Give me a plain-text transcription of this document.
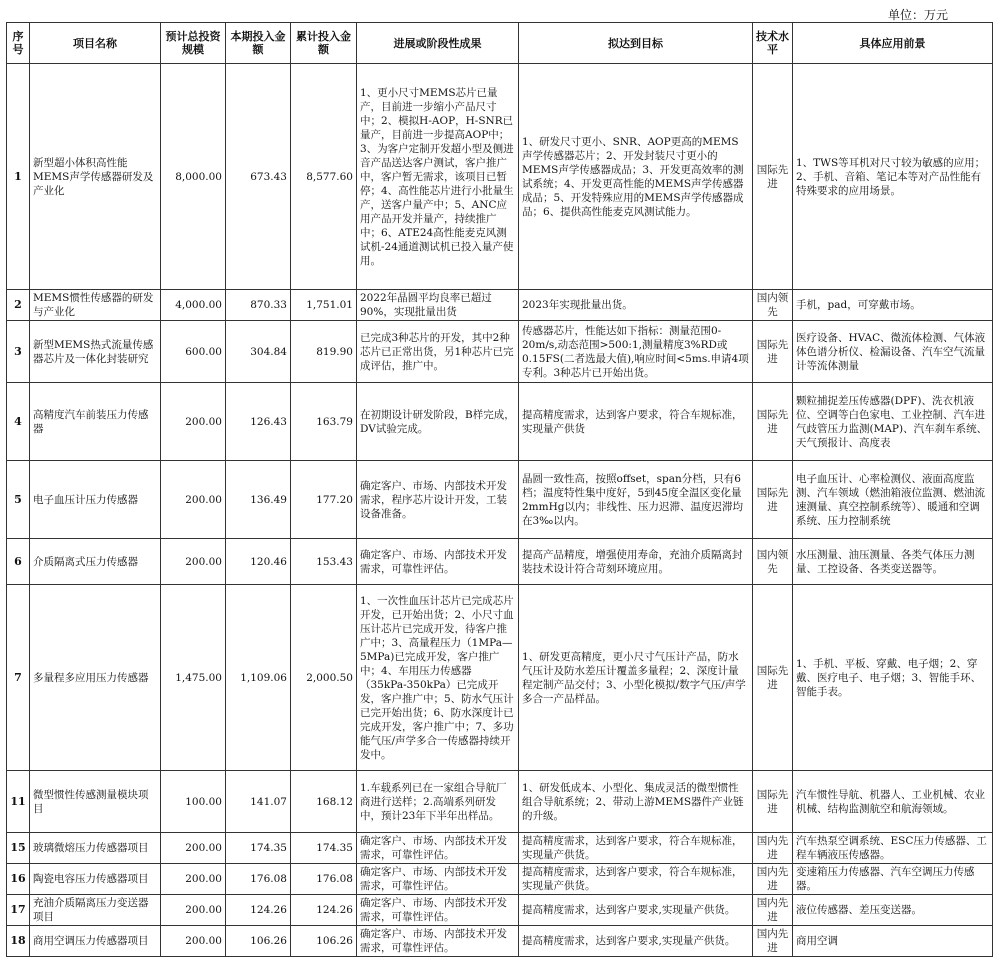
单位：万元
序号	项目名称	预计总投资规模	本期投入金额	累计投入金额	进展或阶段性成果	拟达到目标	技术水平	具体应用前景
1	新型超小体积高性能MEMS声学传感器研发及产业化	8,000.00	673.43	8,577.60	1、更小尺寸MEMS芯片已量产，目前进一步缩小产品尺寸中；2、模拟H-AOP，H-SNR已量产，目前进一步提高AOP中；3、为客户定制开发超小型及侧进音产品送达客户测试，客户推广中，客户暂无需求，该项目已暂停；4、高性能芯片进行小批量生产，送客户量产中；5、ANC应用产品开发并量产，持续推广中；6、ATE24高性能麦克风测试机-24通道测试机已投入量产使用。	1、研发尺寸更小、SNR、AOP更高的MEMS声学传感器芯片；2、开发封装尺寸更小的MEMS声学传感器成品；3、开发更高效率的测试系统；4、开发更高性能的MEMS声学传感器成品；5、开发特殊应用的MEMS声学传感器成品；6、提供高性能麦克风测试能力。	国际先进	1、TWS等耳机对尺寸较为敏感的应用；2、手机、音箱、笔记本等对产品性能有特殊要求的应用场景。
2	MEMS惯性传感器的研发与产业化	4,000.00	870.33	1,751.01	2022年晶圆平均良率已超过90%，实现批量出货	2023年实现批量出货。	国内领先	手机，pad，可穿戴市场。
3	新型MEMS热式流量传感器芯片及一体化封装研究	600.00	304.84	819.90	已完成3种芯片的开发，其中2种芯片已正常出货，另1种芯片已完成评估，推广中。	传感器芯片，性能达如下指标：测量范围0-20m/s,动态范围>500:1,测量精度3%RD或0.15FS(二者选最大值),响应时间<5ms.申请4项专利。3种芯片已开始出货。	国际先进	医疗设备、HVAC、微流体检测、气体液体色谱分析仪、检漏设备、汽车空气流量计等流体测量
4	高精度汽车前装压力传感器	200.00	126.43	163.79	在初期设计研发阶段，B样完成，DV试验完成。	提高精度需求，达到客户要求，符合车规标准，实现量产供货	国际先进	颗粒捕捉差压传感器(DPF)、洗衣机液位、空调等白色家电、工业控制、汽车进气歧管压力监测(MAP)、汽车刹车系统、天气预报计、高度表
5	电子血压计压力传感器	200.00	136.49	177.20	确定客户、市场、内部技术开发需求，程序芯片设计开发，工装设备准备。	晶圆一致性高，按照offset，span分档，只有6档；温度特性集中度好，5到45度全温区变化量2mmHg以内；非线性、压力迟滞、温度迟滞均在3‰以内。	国际先进	电子血压计、心率检测仪、液面高度监测、汽车领域（燃油箱液位监测、燃油流速测量、真空控制系统等）、暖通和空调系统、压力控制系统
6	介质隔离式压力传感器	200.00	120.46	153.43	确定客户、市场、内部技术开发需求，可靠性评估。	提高产品精度，增强使用寿命，充油介质隔离封装技术设计符合苛刻环境应用。	国内领先	水压测量、油压测量、各类气体压力测量、工控设备、各类变送器等。
7	多量程多应用压力传感器	1,475.00	1,109.06	2,000.50	1、一次性血压计芯片已完成芯片开发，已开始出货；2、小尺寸血压计芯片已完成开发，待客户推广中；3、高量程压力（1MPa—5MPa)已完成开发，客户推广中；4、车用压力传感器（35kPa-350kPa）已完成开发，客户推广中；5、防水气压计已完开始出货；6、防水深度计已完成开发，客户推广中；7、多功能气压/声学多合一传感器持续开发中。	1、研发更高精度，更小尺寸气压计产品，防水气压计及防水差压计覆盖多量程；2、深度计量程定制产品交付；3、小型化模拟/数字气压/声学多合一产品样品。	国际先进	1、手机、平板、穿戴、电子烟；2、穿戴、医疗电子、电子烟；3、智能手环、智能手表。
11	微型惯性传感测量模块项目	100.00	141.07	168.12	1.车载系列已在一家组合导航厂商进行送样；2.高端系列研发中，预计23年下半年出样品。	1、研发低成本、小型化、集成灵活的微型惯性组合导航系统；2、带动上游MEMS器件产业链的升级。	国际先进	汽车惯性导航、机器人、工业机械、农业机械、结构监测航空和航海领域。
15	玻璃微熔压力传感器项目	200.00	174.35	174.35	确定客户、市场、内部技术开发需求，可靠性评估。	提高精度需求，达到客户要求，符合车规标准，实现量产供货。	国内先进	汽车热泵空调系统、ESC压力传感器、工程车辆液压传感器。
16	陶瓷电容压力传感器项目	200.00	176.08	176.08	确定客户、市场、内部技术开发需求，可靠性评估。	提高精度需求，达到客户要求，符合车规标准，实现量产供货。	国内先进	变速箱压力传感器、汽车空调压力传感器。
17	充油介质隔离压力变送器项目	200.00	124.26	124.26	确定客户、市场、内部技术开发需求，可靠性评估。	提高精度需求，达到客户要求,实现量产供货。	国内先进	液位传感器、差压变送器。
18	商用空调压力传感器项目	200.00	106.26	106.26	确定客户、市场、内部技术开发需求，可靠性评估。	提高精度需求，达到客户要求,实现量产供货。	国内先进	商用空调
